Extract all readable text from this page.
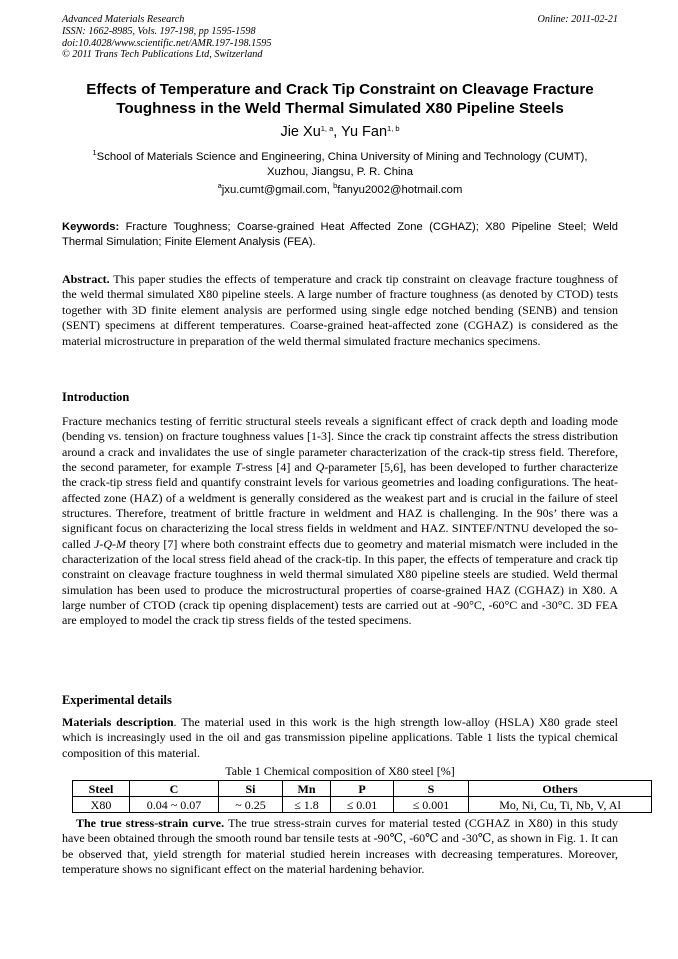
Advanced Materials Research
ISSN: 1662-8985, Vols. 197-198, pp 1595-1598
doi:10.4028/www.scientific.net/AMR.197-198.1595
© 2011 Trans Tech Publications Ltd, Switzerland
Online: 2011-02-21
Effects of Temperature and Crack Tip Constraint on Cleavage Fracture
Toughness in the Weld Thermal Simulated X80 Pipeline Steels
Jie Xu$^{1, a}$, Yu Fan$^{1, b}$
$^1$School of Materials Science and Engineering, China University of Mining and Technology (CUMT),
Xuzhou, Jiangsu, P. R. China
$^a$jxu.cumt@gmail.com, $^b$fanyu2002@hotmail.com
Keywords: Fracture Toughness; Coarse-grained Heat Affected Zone (CGHAZ); X80 Pipeline Steel; Weld Thermal Simulation; Finite Element Analysis (FEA).
Abstract. This paper studies the effects of temperature and crack tip constraint on cleavage fracture toughness of the weld thermal simulated X80 pipeline steels. A large number of fracture toughness (as denoted by CTOD) tests together with 3D finite element analysis are performed using single edge notched bending (SENB) and tension (SENT) specimens at different temperatures. Coarse-grained heat-affected zone (CGHAZ) is considered as the material microstructure in preparation of the weld thermal simulated fracture mechanics specimens.
Introduction
Fracture mechanics testing of ferritic structural steels reveals a significant effect of crack depth and loading mode (bending vs. tension) on fracture toughness values [1-3]. Since the crack tip constraint affects the stress distribution around a crack and invalidates the use of single parameter characterization of the crack-tip stress field. Therefore, the second parameter, for example T-stress [4] and Q-parameter [5,6], has been developed to further characterize the crack-tip stress field and quantify constraint levels for various geometries and loading configurations. The heat-affected zone (HAZ) of a weldment is generally considered as the weakest part and is crucial in the failure of steel structures. Therefore, treatment of brittle fracture in weldment and HAZ is challenging. In the 90s’ there was a significant focus on characterizing the local stress fields in weldment and HAZ. SINTEF/NTNU developed the so-called J-Q-M theory [7] where both constraint effects due to geometry and material mismatch were included in the characterization of the local stress field ahead of the crack-tip. In this paper, the effects of temperature and crack tip constraint on cleavage fracture toughness in weld thermal simulated X80 pipeline steels are studied. Weld thermal simulation has been used to produce the microstructural properties of coarse-grained HAZ (CGHAZ) in X80. A large number of CTOD (crack tip opening displacement) tests are carried out at -90°C, -60°C and -30°C. 3D FEA are employed to model the crack tip stress fields of the tested specimens.
Experimental details
Materials description. The material used in this work is the high strength low-alloy (HSLA) X80 grade steel which is increasingly used in the oil and gas transmission pipeline applications. Table 1 lists the typical chemical composition of this material.
Table 1 Chemical composition of X80 steel [%]
Steel	C	Si	Mn	P	S	Others
X80	0.04 ~ 0.07	~ 0.25	≤ 1.8	≤ 0.01	≤ 0.001	Mo, Ni, Cu, Ti, Nb, V, Al
The true stress-strain curve. The true stress-strain curves for material tested (CGHAZ in X80) in this study have been obtained through the smooth round bar tensile tests at -90℃, -60℃ and -30℃, as shown in Fig. 1. It can be observed that, yield strength for material studied herein increases with decreasing temperatures. Moreover, temperature shows no significant effect on the material hardening behavior.
